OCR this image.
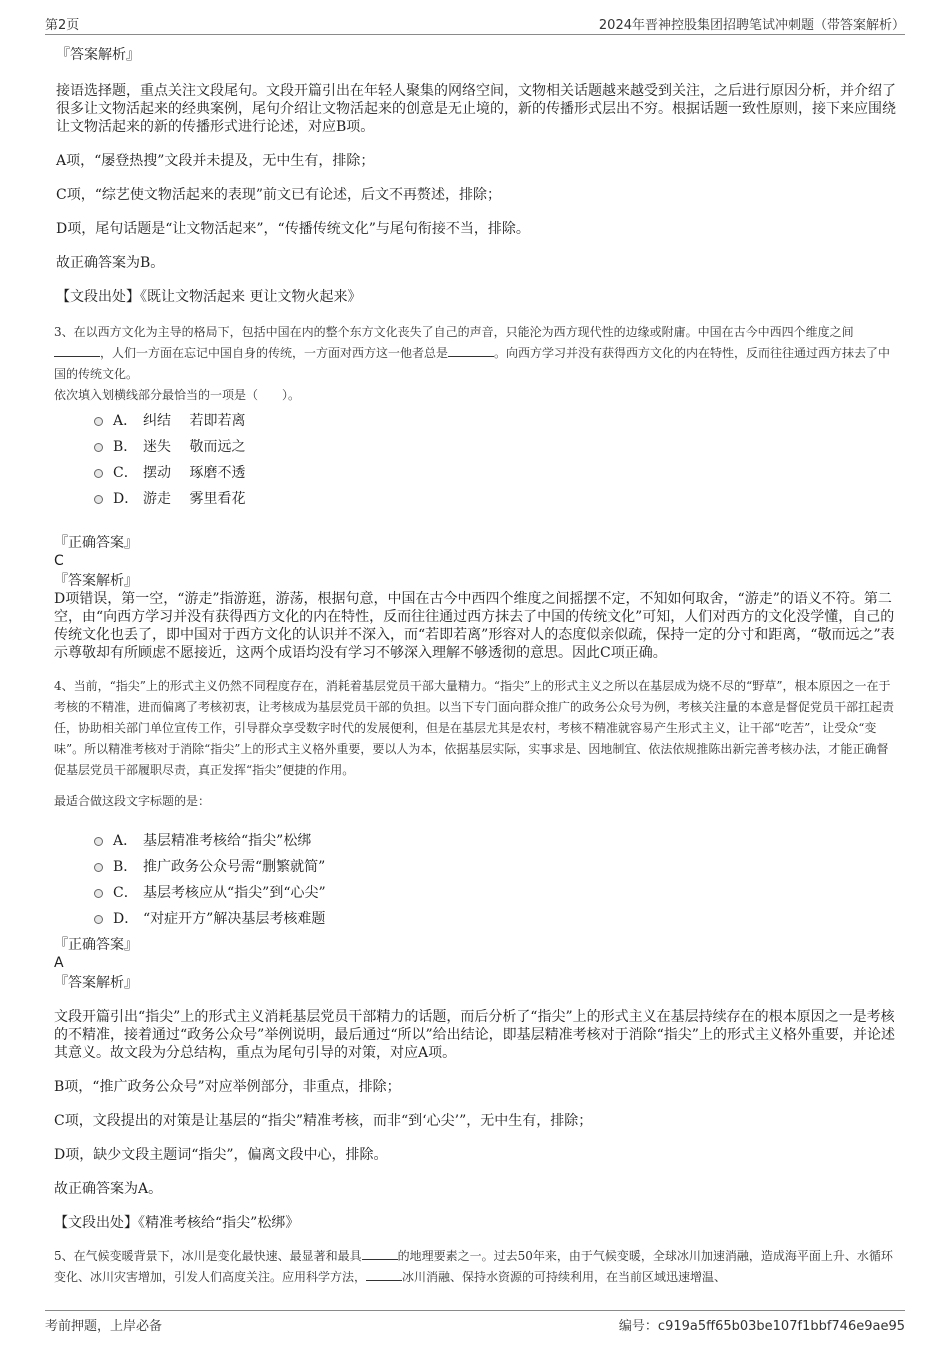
第2页	2024年晋神控股集团招聘笔试冲刺题（带答案解析）

『答案解析』

接语选择题，重点关注文段尾句。文段开篇引出在年轻人聚集的网络空间，文物相关话题越来越受到关注，之后进行原因分析，并介绍了很多让文物活起来的经典案例，尾句介绍让文物活起来的创意是无止境的，新的传播形式层出不穷。根据话题一致性原则，接下来应围绕让文物活起来的新的传播形式进行论述，对应B项。

A项，“屡登热搜”文段并未提及，无中生有，排除；

C项，“综艺使文物活起来的表现”前文已有论述，后文不再赘述，排除；

D项，尾句话题是“让文物活起来”，“传播传统文化”与尾句衔接不当，排除。

故正确答案为B。

【文段出处】《既让文物活起来 更让文物火起来》

3、在以西方文化为主导的格局下，包括中国在内的整个东方文化丧失了自己的声音，只能沦为西方现代性的边缘或附庸。中国在古今中西四个维度之间，人们一方面在忘记中国自身的传统，一方面对西方这一他者总是	。向西方学习并没有获得西方文化的内在特性，反而往往通过西方抹去了中国的传统文化。

依次填入划横线部分最恰当的一项是（　　）。

A． 纠结　 若即若离
B． 迷失　 敬而远之
C． 摆动　 琢磨不透
D． 游走　 雾里看花

『正确答案』

C

『答案解析』

D项错误，第一空，“游走”指游逛，游荡，根据句意，中国在古今中西四个维度之间摇摆不定，不知如何取舍，“游走”的语义不符。第二空，由“向西方学习并没有获得西方文化的内在特性，反而往往通过西方抹去了中国的传统文化”可知，人们对西方的文化没学懂，自己的传统文化也丢了，即中国对于西方文化的认识并不深入，而“若即若离”形容对人的态度似亲似疏，保持一定的分寸和距离，“敬而远之”表示尊敬却有所顾虑不愿接近，这两个成语均没有学习不够深入理解不够透彻的意思。因此C项正确。

4、当前，“指尖”上的形式主义仍然不同程度存在，消耗着基层党员干部大量精力。“指尖”上的形式主义之所以在基层成为烧不尽的“野草”，根本原因之一在于考核的不精准，进而偏离了考核初衷，让考核成为基层党员干部的负担。以当下专门面向群众推广的政务公众号为例，考核关注量的本意是督促党员干部扛起责任，协助相关部门单位宣传工作，引导群众享受数字时代的发展便利，但是在基层尤其是农村，考核不精准就容易产生形式主义，让干部“吃苦”，让受众“变味”。所以精准考核对于消除“指尖”上的形式主义格外重要，要以人为本，依据基层实际，实事求是、因地制宜、依法依规推陈出新完善考核办法，才能正确督促基层党员干部履职尽责，真正发挥“指尖”便捷的作用。

最适合做这段文字标题的是：

A． 基层精准考核给“指尖”松绑
B． 推广政务公众号需“删繁就简”
C． 基层考核应从“指尖”到“心尖”
D． “对症开方”解决基层考核难题

『正确答案』

A

『答案解析』

文段开篇引出“指尖”上的形式主义消耗基层党员干部精力的话题，而后分析了“指尖”上的形式主义在基层持续存在的根本原因之一是考核的不精准，接着通过“政务公众号”举例说明，最后通过“所以”给出结论，即基层精准考核对于消除“指尖”上的形式主义格外重要，并论述其意义。故文段为分总结构，重点为尾句引导的对策，对应A项。

B项，“推广政务公众号”对应举例部分，非重点，排除；

C项，文段提出的对策是让基层的“指尖”精准考核，而非“到‘心尖’”，无中生有，排除；

D项，缺少文段主题词“指尖”，偏离文段中心，排除。

故正确答案为A。

【文段出处】《精准考核给“指尖”松绑》

5、在气候变暖背景下，冰川是变化最快速、最显著和最具	的地理要素之一。过去50年来，由于气候变暖，全球冰川加速消融，造成海平面上升、水循环变化、冰川灾害增加，引发人们高度关注。应用科学方法，	冰川消融、保持水资源的可持续利用，在当前区域迅速增温、

考前押题，上岸必备	编号：c919a5ff65b03be107f1bbf746e9ae95
